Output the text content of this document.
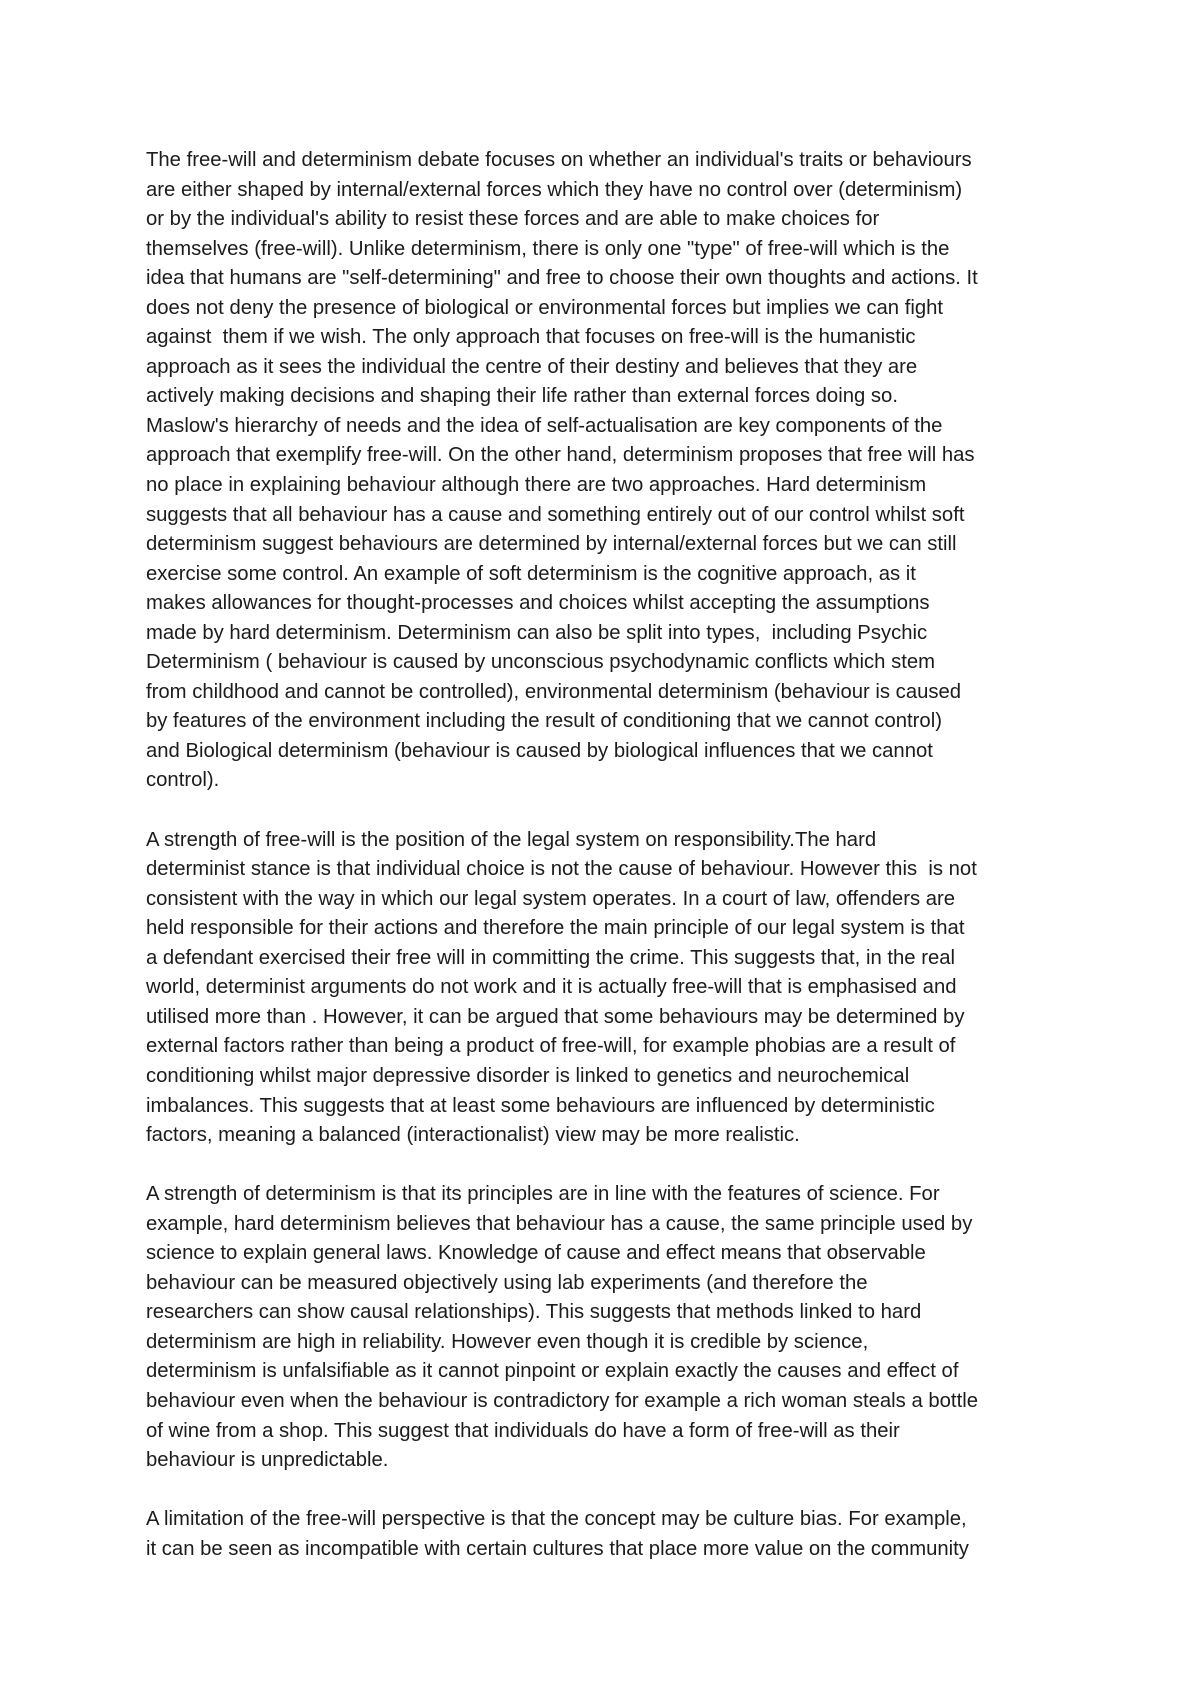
The free-will and determinism debate focuses on whether an individual's traits or behaviours
are either shaped by internal/external forces which they have no control over (determinism)
or by the individual's ability to resist these forces and are able to make choices for
themselves (free-will). Unlike determinism, there is only one "type" of free-will which is the
idea that humans are "self-determining" and free to choose their own thoughts and actions. It
does not deny the presence of biological or environmental forces but implies we can fight
against  them if we wish. The only approach that focuses on free-will is the humanistic
approach as it sees the individual the centre of their destiny and believes that they are
actively making decisions and shaping their life rather than external forces doing so.
Maslow's hierarchy of needs and the idea of self-actualisation are key components of the
approach that exemplify free-will. On the other hand, determinism proposes that free will has
no place in explaining behaviour although there are two approaches. Hard determinism
suggests that all behaviour has a cause and something entirely out of our control whilst soft
determinism suggest behaviours are determined by internal/external forces but we can still
exercise some control. An example of soft determinism is the cognitive approach, as it
makes allowances for thought-processes and choices whilst accepting the assumptions
made by hard determinism. Determinism can also be split into types,  including Psychic
Determinism ( behaviour is caused by unconscious psychodynamic conflicts which stem
from childhood and cannot be controlled), environmental determinism (behaviour is caused
by features of the environment including the result of conditioning that we cannot control)
and Biological determinism (behaviour is caused by biological influences that we cannot
control).
A strength of free-will is the position of the legal system on responsibility.The hard
determinist stance is that individual choice is not the cause of behaviour. However this  is not
consistent with the way in which our legal system operates. In a court of law, offenders are
held responsible for their actions and therefore the main principle of our legal system is that
a defendant exercised their free will in committing the crime. This suggests that, in the real
world, determinist arguments do not work and it is actually free-will that is emphasised and
utilised more than . However, it can be argued that some behaviours may be determined by
external factors rather than being a product of free-will, for example phobias are a result of
conditioning whilst major depressive disorder is linked to genetics and neurochemical
imbalances. This suggests that at least some behaviours are influenced by deterministic
factors, meaning a balanced (interactionalist) view may be more realistic.
A strength of determinism is that its principles are in line with the features of science. For
example, hard determinism believes that behaviour has a cause, the same principle used by
science to explain general laws. Knowledge of cause and effect means that observable
behaviour can be measured objectively using lab experiments (and therefore the
researchers can show causal relationships). This suggests that methods linked to hard
determinism are high in reliability. However even though it is credible by science,
determinism is unfalsifiable as it cannot pinpoint or explain exactly the causes and effect of
behaviour even when the behaviour is contradictory for example a rich woman steals a bottle
of wine from a shop. This suggest that individuals do have a form of free-will as their
behaviour is unpredictable.
A limitation of the free-will perspective is that the concept may be culture bias. For example,
it can be seen as incompatible with certain cultures that place more value on the community
